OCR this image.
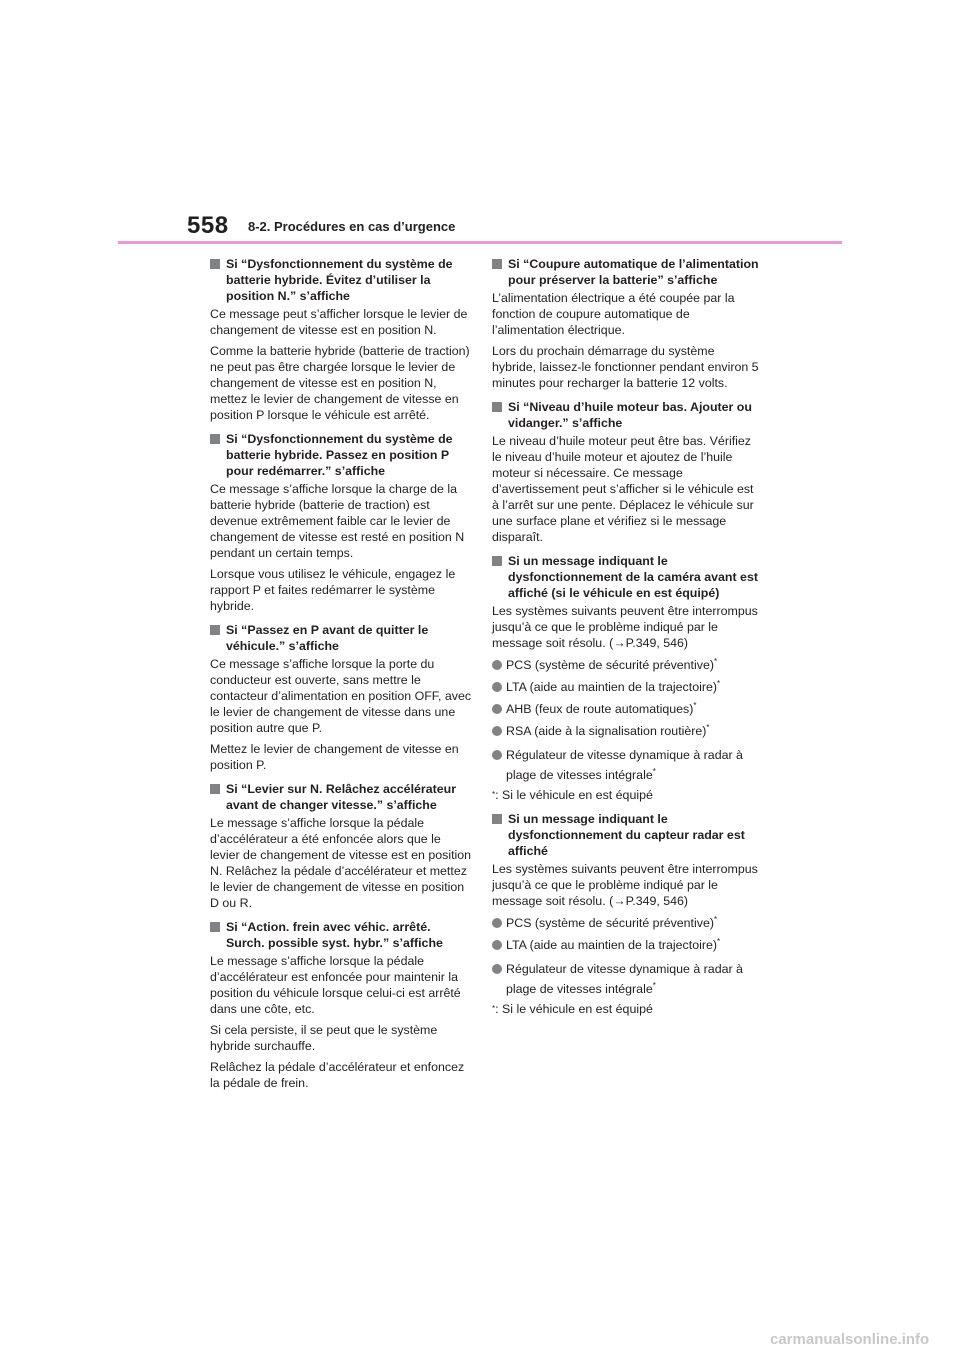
558 8-2. Procédures en cas d’urgence
Si “Dysfonctionnement du système de batterie hybride. Évitez d’utiliser la position N.” s’affiche
Ce message peut s’afficher lorsque le levier de changement de vitesse est en position N.
Comme la batterie hybride (batterie de traction) ne peut pas être chargée lorsque le levier de changement de vitesse est en position N, mettez le levier de changement de vitesse en position P lorsque le véhicule est arrêté.
Si “Dysfonctionnement du système de batterie hybride. Passez en position P pour redémarrer.” s’affiche
Ce message s’affiche lorsque la charge de la batterie hybride (batterie de traction) est devenue extrêmement faible car le levier de changement de vitesse est resté en position N pendant un certain temps.
Lorsque vous utilisez le véhicule, engagez le rapport P et faites redémarrer le système hybride.
Si “Passez en P avant de quitter le véhicule.” s’affiche
Ce message s’affiche lorsque la porte du conducteur est ouverte, sans mettre le contacteur d’alimentation en position OFF, avec le levier de changement de vitesse dans une position autre que P.
Mettez le levier de changement de vitesse en position P.
Si “Levier sur N. Relâchez accélérateur avant de changer vitesse.” s’affiche
Le message s’affiche lorsque la pédale d’accélérateur a été enfoncée alors que le levier de changement de vitesse est en position N. Relâchez la pédale d’accélérateur et mettez le levier de changement de vitesse en position D ou R.
Si “Action. frein avec véhic. arrêté. Surch. possible syst. hybr.” s’affiche
Le message s’affiche lorsque la pédale d’accélérateur est enfoncée pour maintenir la position du véhicule lorsque celui-ci est arrêté dans une côte, etc.
Si cela persiste, il se peut que le système hybride surchauffe.
Relâchez la pédale d’accélérateur et enfoncez la pédale de frein.
Si “Coupure automatique de l’alimentation pour préserver la batterie” s’affiche
L’alimentation électrique a été coupée par la fonction de coupure automatique de l’alimentation électrique.
Lors du prochain démarrage du système hybride, laissez-le fonctionner pendant environ 5 minutes pour recharger la batterie 12 volts.
Si “Niveau d’huile moteur bas. Ajouter ou vidanger.” s’affiche
Le niveau d’huile moteur peut être bas. Vérifiez le niveau d’huile moteur et ajoutez de l’huile moteur si nécessaire. Ce message d’avertissement peut s’afficher si le véhicule est à l’arrêt sur une pente. Déplacez le véhicule sur une surface plane et vérifiez si le message disparaît.
Si un message indiquant le dysfonctionnement de la caméra avant est affiché (si le véhicule en est équipé)
Les systèmes suivants peuvent être interrompus jusqu’à ce que le problème indiqué par le message soit résolu. (→P.349, 546)
PCS (système de sécurité préventive)*
LTA (aide au maintien de la trajectoire)*
AHB (feux de route automatiques)*
RSA (aide à la signalisation routière)*
Régulateur de vitesse dynamique à radar à plage de vitesses intégrale*
*: Si le véhicule en est équipé
Si un message indiquant le dysfonctionnement du capteur radar est affiché
Les systèmes suivants peuvent être interrompus jusqu’à ce que le problème indiqué par le message soit résolu. (→P.349, 546)
PCS (système de sécurité préventive)*
LTA (aide au maintien de la trajectoire)*
Régulateur de vitesse dynamique à radar à plage de vitesses intégrale*
*: Si le véhicule en est équipé
carmanualsonline.info
